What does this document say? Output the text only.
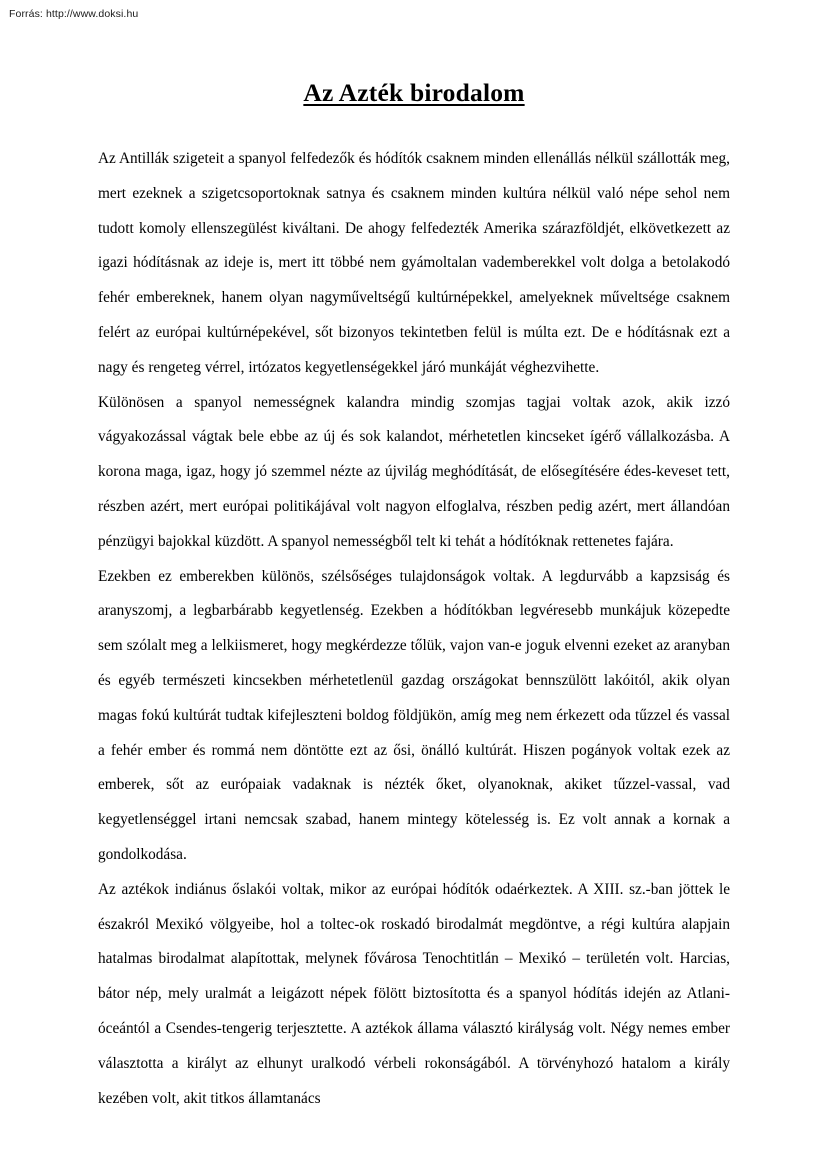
Forrás: http://www.doksi.hu
Az Azték birodalom

Az Antillák szigeteit a spanyol felfedezők és hódítók csaknem minden ellenállás nélkül szállották meg, mert ezeknek a szigetcsoportoknak satnya és csaknem minden kultúra nélkül való népe sehol nem tudott komoly ellenszegülést kiváltani. De ahogy felfedezték Amerika szárazföldjét, elkövetkezett az igazi hódításnak az ideje is, mert itt többé nem gyámoltalan vademberekkel volt dolga a betolakodó fehér embereknek, hanem olyan nagyműveltségű kultúrnépekkel, amelyeknek műveltsége csaknem felért az európai kultúrnépekével, sőt bizonyos tekintetben felül is múlta ezt. De e hódításnak ezt a nagy és rengeteg vérrel, irtózatos kegyetlenségekkel járó munkáját véghezvihette.

Különösen a spanyol nemességnek kalandra mindig szomjas tagjai voltak azok, akik izzó vágyakozással vágtak bele ebbe az új és sok kalandot, mérhetetlen kincseket ígérő vállalkozásba. A korona maga, igaz, hogy jó szemmel nézte az újvilág meghódítását, de elősegítésére édes-keveset tett, részben azért, mert európai politikájával volt nagyon elfoglalva, részben pedig azért, mert állandóan pénzügyi bajokkal küzdött. A spanyol nemességből telt ki tehát a hódítóknak rettenetes fajára.

Ezekben ez emberekben különös, szélsőséges tulajdonságok voltak. A legdurvább a kapzsiság és aranyszomj, a legbarbárabb kegyetlenség. Ezekben a hódítókban legvéresebb munkájuk közepedte sem szólalt meg a lelkiismeret, hogy megkérdezze tőlük, vajon van-e joguk elvenni ezeket az aranyban és egyéb természeti kincsekben mérhetetlenül gazdag országokat bennszülött lakóitól, akik olyan magas fokú kultúrát tudtak kifejleszteni boldog földjükön, amíg meg nem érkezett oda tűzzel és vassal a fehér ember és rommá nem döntötte ezt az ősi, önálló kultúrát. Hiszen pogányok voltak ezek az emberek, sőt az európaiak vadaknak is nézték őket, olyanoknak, akiket tűzzel-vassal, vad kegyetlenséggel irtani nemcsak szabad, hanem mintegy kötelesség is. Ez volt annak a kornak a gondolkodása.

Az aztékok indiánus őslakói voltak, mikor az európai hódítók odaérkeztek. A XIII. sz.-ban jöttek le északról Mexikó völgyeibe, hol a toltec-ok roskadó birodalmát megdöntve, a régi kultúra alapjain hatalmas birodalmat alapítottak, melynek fővárosa Tenochtitlán – Mexikó – területén volt. Harcias, bátor nép, mely uralmát a leigázott népek fölött biztosította és a spanyol hódítás idején az Atlani-óceántól a Csendes-tengerig terjesztette. A aztékok állama választó királyság volt. Négy nemes ember választotta a királyt az elhunyt uralkodó vérbeli rokonságából. A törvényhozó hatalom a király kezében volt, akit titkos államtanács
